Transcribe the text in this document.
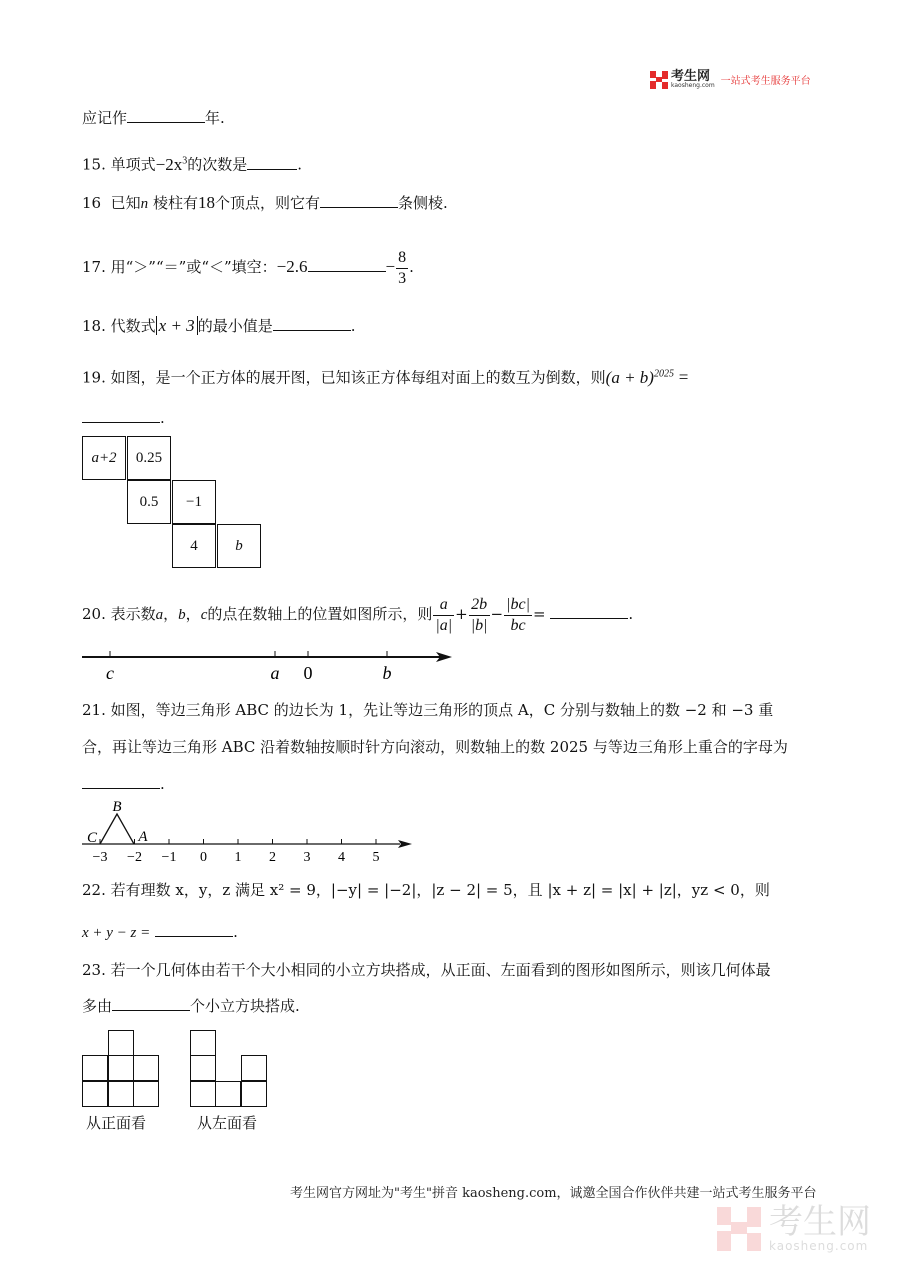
考生网
kaosheng.com 一站式考生服务平台
应记作	年.
15. 单项式$-2x^3$的次数是	.
16 已知n 棱柱有18个顶点，则它有	条侧棱.
17. 用“＞”“＝”或“＜”填空：−2.6	− $\frac{8}{3}$ .
18. 代数式 x + 3 的最小值是	.
19. 如图，是一个正方体的展开图，已知该正方体每组对面上的数互为倒数，则$(a + b)^{2025}$ =
.
a+2	0.25
0.5	−1
4	b
20. 表示数a，b，c的点在数轴上的位置如图所示，则 $\frac{a}{|a|} + \frac{2b}{|b|} - \frac{|bc|}{bc}$ =	.
c	a 0	b
21. 如图，等边三角形 ABC 的边长为 1，先让等边三角形的顶点 A，C 分别与数轴上的数 −2 和 −3 重
合，再让等边三角形 ABC 沿着数轴按顺时针方向滚动，则数轴上的数 2025 与等边三角形上重合的字母为
.
B
C	A
−3 −2 −1 0 1 2 3 4 5
22. 若有理数 x，y，z 满足 x² = 9，|−y| = |−2|，|z − 2| = 5，且 |x + z| = |x| + |z|，yz < 0，则
x + y − z =	.
23. 若一个几何体由若干个大小相同的小立方块搭成，从正面、左面看到的图形如图所示，则该几何体最
多由	个小立方块搭成.
从正面看	从左面看
考生网官方网址为"考生"拼音 kaosheng.com，诚邀全国合作伙伴共建一站式考生服务平台
考生网
kaosheng.com
